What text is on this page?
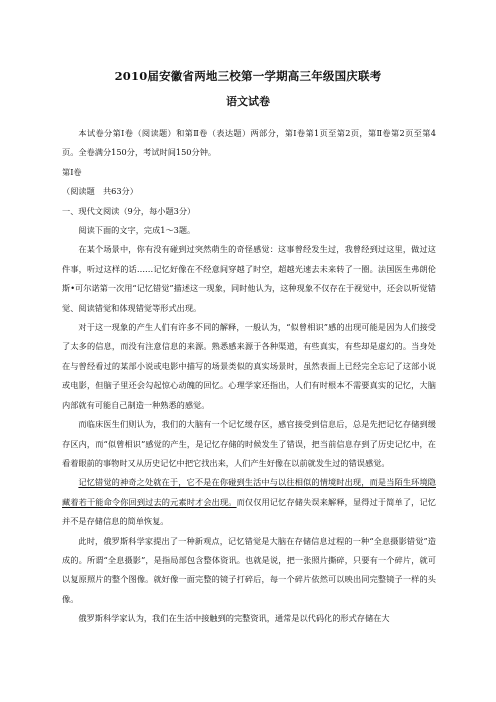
2010届安徽省两地三校第一学期高三年级国庆联考
语文试卷

本试卷分第Ⅰ卷（阅读题）和第Ⅱ卷（表达题）两部分，第Ⅰ卷第1页至第2页，第Ⅱ卷第2页至第4页。全卷满分150分，考试时间150分钟。

第Ⅰ卷

（阅读题　共63分）

一、现代文阅读（9分，每小题3分）

阅读下面的文字，完成1～3题。

在某个场景中，你有没有碰到过突然萌生的奇怪感觉：这事曾经发生过，我曾经到过这里，做过这件事，听过这样的话……记忆好像在不经意间穿越了时空，超越光速去未来转了一圈。法国医生弗朗伦斯•可尔诺第一次用“记忆错觉”描述这一现象，同时他认为，这种现象不仅存在于视觉中，还会以听觉错觉、阅读错觉和体现错觉等形式出现。

对于这一现象的产生人们有许多不同的解释，一般认为，“似曾相识”感的出现可能是因为人们接受了太多的信息，而没有注意信息的来源。熟悉感来源于各种渠道，有些真实，有些却是虚幻的。当身处在与曾经看过的某部小说或电影中描写的场景类似的真实场景时，虽然表面上已经完全忘记了这部小说或电影，但脑子里还会勾起惊心动魄的回忆。心理学家还指出，人们有时根本不需要真实的记忆，大脑内部就有可能自己制造一种熟悉的感觉。

而临床医生们则认为，我们的大脑有一个记忆缓存区，感官接受到信息后，总是先把记忆存储到缓存区内，而“似曾相识”感觉的产生，是记忆存储的时候发生了错误，把当前信息存到了历史记忆中，在看着眼前的事物时又从历史记忆中把它找出来，人们产生好像在以前就发生过的错误感觉。

记忆错觉的神奇之处就在于，它不是在你碰到生活中与以往相似的情境时出现，而是当陌生环境隐藏着若干能命令你回到过去的元素时才会出现。而仅仅用记忆存储失误来解释，显得过于简单了，记忆并不是存储信息的简单恢复。

此时，俄罗斯科学家提出了一种新观点，记忆错觉是大脑在存储信息过程的一种“全息摄影错觉”造成的。所谓“全息摄影”，是指局部包含整体资讯。也就是说，把一张照片撕碎，只要有一个碎片，就可以复原照片的整个图像。就好像一面完整的镜子打碎后，每一个碎片依然可以映出同完整镜子一样的头像。

俄罗斯科学家认为，我们在生活中接触到的完整资讯，通常是以代码化的形式存储在大
